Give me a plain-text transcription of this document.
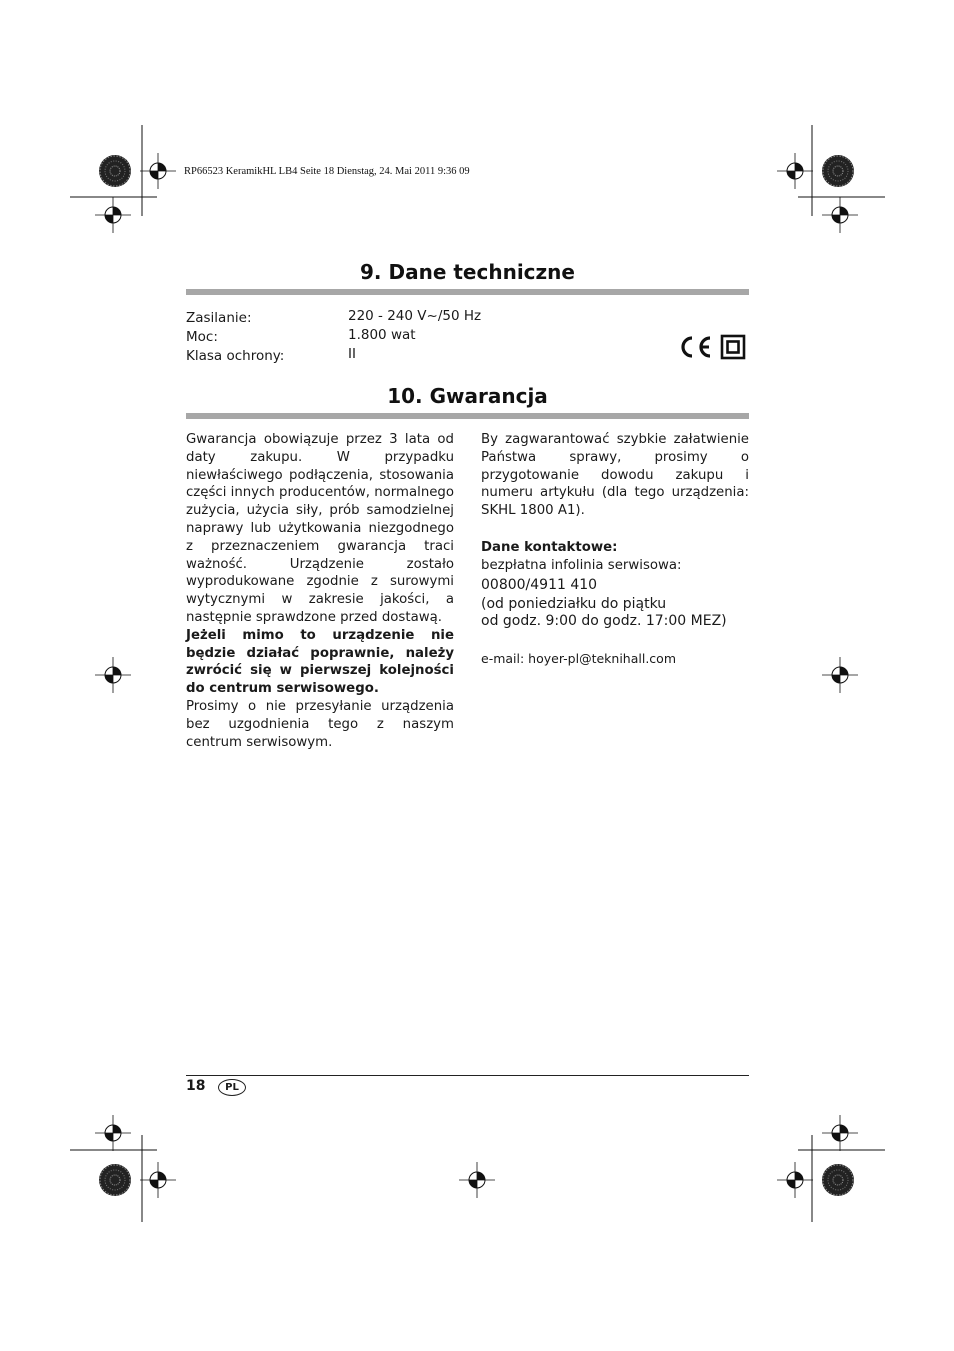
RP66523 KeramikHL LB4 Seite 18 Dienstag, 24. Mai 2011 9:36 09
9. Dane techniczne
Zasilanie:	220 - 240 V~/50 Hz
Moc:	1.800 wat
Klasa ochrony:	II
10. Gwarancja

Gwarancja obowiązuje przez 3 lata od daty zakupu. W przypadku niewłaściwego podłączenia, stosowania części innych producentów, normalnego zużycia, użycia siły, prób samodzielnej naprawy lub użytkowania niezgodnego z przeznaczeniem gwarancja traci ważność. Urządzenie zostało wyprodukowane zgodnie z surowymi wytycznymi w zakresie jakości, a następnie sprawdzone przed dostawą.

Jeżeli mimo to urządzenie nie będzie działać poprawnie, należy zwrócić się w pierwszej kolejności do centrum serwisowego.

Prosimy o nie przesyłanie urządzenia bez uzgodnienia tego z naszym centrum serwisowym.

By zagwarantować szybkie załatwienie Państwa sprawy, prosimy o przygotowanie dowodu zakupu i numeru artykułu (dla tego urządzenia: SKHL 1800 A1).

Dane kontaktowe:

bezpłatna infolinia serwisowa:

00800/4911 410

(od poniedziałku do piątku

od godz. 9:00 do godz. 17:00 MEZ)

e-mail: hoyer-pl@teknihall.com

18	PL
